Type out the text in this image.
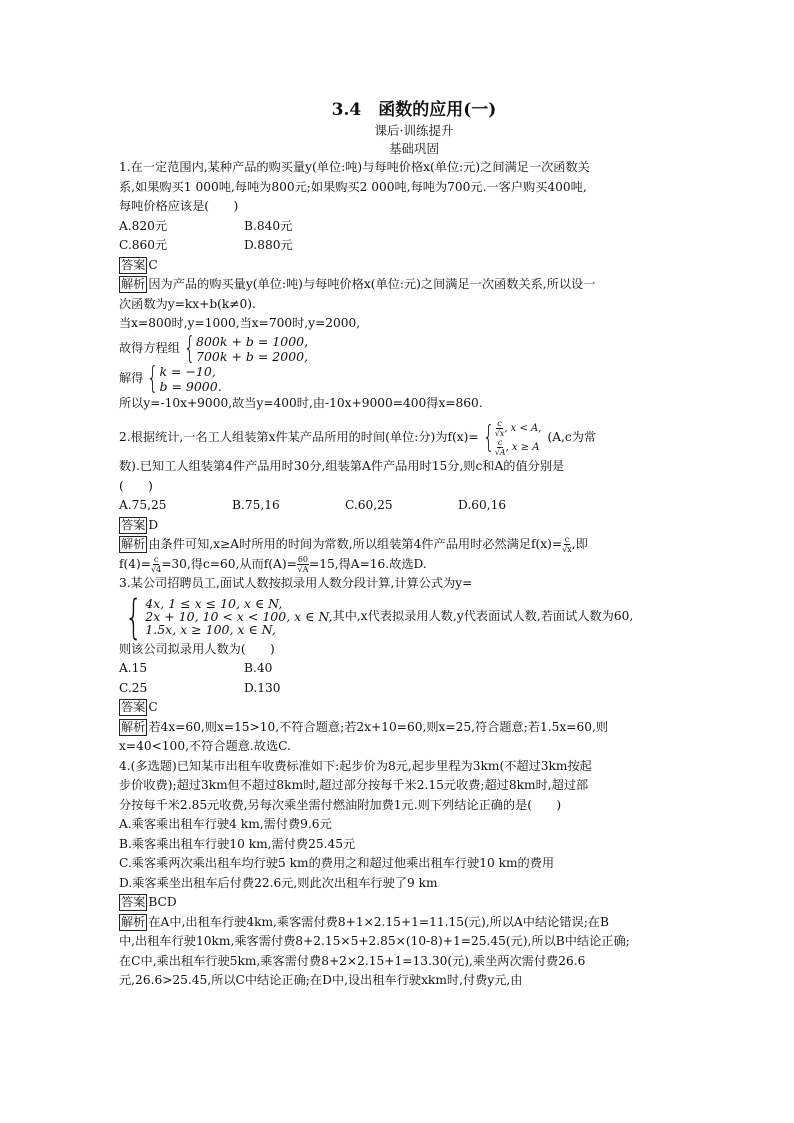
3.4　函数的应用(一)
课后·训练提升
基础巩固

1.在一定范围内,某种产品的购买量y(单位:吨)与每吨价格x(单位:元)之间满足一次函数关

系,如果购买1 000吨,每吨为800元;如果购买2 000吨,每吨为700元.一客户购买400吨,

每吨价格应该是(　　)

A.820元	B.840元
C.860元	D.880元

答案 C

解析 因为产品的购买量y(单位:吨)与每吨价格x(单位:元)之间满足一次函数关系,所以设一

次函数为y=kx+b(k≠0).

当x=800时,y=1000,当x=700时,y=2000,

故得方程组 { 800k + b = 1000,
700k + b = 2000,
解得 { k = −10,
b = 9000.

所以y=-10x+9000,故当y=400时,由-10x+9000=400得x=860.

2.根据统计,一名工人组装第x件某产品所用的时间(单位:分)为f(x)= { $\frac{c}{√x}$ , x < A,
$\frac{c}{√A}$ , x ≥ A
(A,c为常

数).已知工人组装第4件产品用时30分,组装第A件产品用时15分,则c和A的值分别是

(　　)

A.75,25	B.75,16	C.60,25	D.60,16

答案 D

解析 由条件可知,x≥A时所用的时间为常数,所以组装第4件产品用时必然满足$f(x)= \frac{c}{√x}$ ,即

$f(4)= \frac{c}{√4} =30$,得c=60,从而$f(A)= \frac{60}{√A} =15$,得A=16.故选D.

3.某公司招聘员工,面试人数按拟录用人数分段计算,计算公式为y=

{ 4x, 1 ≤ x ≤ 10, x ∈ N,
2x + 10, 10 < x < 100, x ∈ N,
1.5x, x ≥ 100, x ∈ N,
其中,x代表拟录用人数,y代表面试人数,若面试人数为60,

则该公司拟录用人数为(　　)

A.15	B.40
C.25	D.130

答案 C

解析 若4x=60,则x=15>10,不符合题意;若2x+10=60,则x=25,符合题意;若1.5x=60,则

x=40<100,不符合题意.故选C.

4.(多选题)已知某市出租车收费标准如下:起步价为8元,起步里程为3km(不超过3km按起

步价收费);超过3km但不超过8km时,超过部分按每千米2.15元收费;超过8km时,超过部

分按每千米2.85元收费,另每次乘坐需付燃油附加费1元.则下列结论正确的是(　　)

A.乘客乘出租车行驶4 km,需付费9.6元

B.乘客乘出租车行驶10 km,需付费25.45元

C.乘客乘两次乘出租车均行驶5 km的费用之和超过他乘出租车行驶10 km的费用

D.乘客乘坐出租车后付费22.6元,则此次出租车行驶了9 km

答案 BCD

解析 在A中,出租车行驶4km,乘客需付费8+1×2.15+1=11.15(元),所以A中结论错误;在B

中,出租车行驶10km,乘客需付费8+2.15×5+2.85×(10-8)+1=25.45(元),所以B中结论正确;

在C中,乘出租车行驶5km,乘客需付费8+2×2.15+1=13.30(元),乘坐两次需付费26.6

元,26.6>25.45,所以C中结论正确;在D中,设出租车行驶xkm时,付费y元,由
